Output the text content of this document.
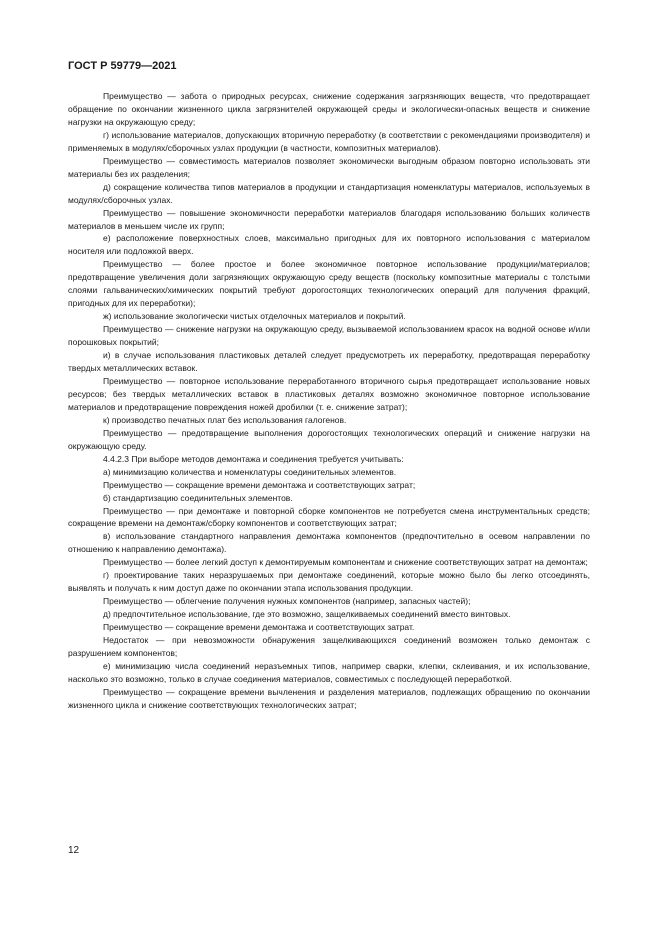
ГОСТ Р 59779—2021

Преимущество — забота о природных ресурсах, снижение содержания загрязняющих веществ, что предотвращает обращение по окончании жизненного цикла загрязнителей окружающей среды и экологически-опасных веществ и снижение нагрузки на окружающую среду;

г) использование материалов, допускающих вторичную переработку (в соответствии с рекомендациями производителя) и применяемых в модулях/сборочных узлах продукции (в частности, композитных материалов).

Преимущество — совместимость материалов позволяет экономически выгодным образом повторно использовать эти материалы без их разделения;

д) сокращение количества типов материалов в продукции и стандартизация номенклатуры материалов, используемых в модулях/сборочных узлах.

Преимущество — повышение экономичности переработки материалов благодаря использованию больших количеств материалов в меньшем числе их групп;

е) расположение поверхностных слоев, максимально пригодных для их повторного использования с материалом носителя или подложкой вверх.

Преимущество — более простое и более экономичное повторное использование продукции/материалов; предотвращение увеличения доли загрязняющих окружающую среду веществ (поскольку композитные материалы с толстыми слоями гальванических/химических покрытий требуют дорогостоящих технологических операций для получения фракций, пригодных для их переработки);

ж) использование экологически чистых отделочных материалов и покрытий.

Преимущество — снижение нагрузки на окружающую среду, вызываемой использованием красок на водной основе и/или порошковых покрытий;

и) в случае использования пластиковых деталей следует предусмотреть их переработку, предотвращая переработку твердых металлических вставок.

Преимущество — повторное использование переработанного вторичного сырья предотвращает использование новых ресурсов; без твердых металлических вставок в пластиковых деталях возможно экономичное повторное использование материалов и предотвращение повреждения ножей дробилки (т. е. снижение затрат);

к) производство печатных плат без использования галогенов.

Преимущество — предотвращение выполнения дорогостоящих технологических операций и снижение нагрузки на окружающую среду.

4.4.2.3 При выборе методов демонтажа и соединения требуется учитывать:

а) минимизацию количества и номенклатуры соединительных элементов.

Преимущество — сокращение времени демонтажа и соответствующих затрат;

б) стандартизацию соединительных элементов.

Преимущество — при демонтаже и повторной сборке компонентов не потребуется смена инструментальных средств; сокращение времени на демонтаж/сборку компонентов и соответствующих затрат;

в) использование стандартного направления демонтажа компонентов (предпочтительно в осевом направлении по отношению к направлению демонтажа).

Преимущество — более легкий доступ к демонтируемым компонентам и снижение соответствующих затрат на демонтаж;

г) проектирование таких неразрушаемых при демонтаже соединений, которые можно было бы легко отсоединять, выявлять и получать к ним доступ даже по окончании этапа использования продукции.

Преимущество — облегчение получения нужных компонентов (например, запасных частей);

д) предпочтительное использование, где это возможно, защелкиваемых соединений вместо винтовых.

Преимущество — сокращение времени демонтажа и соответствующих затрат.

Недостаток — при невозможности обнаружения защелкивающихся соединений возможен только демонтаж с разрушением компонентов;

е) минимизацию числа соединений неразъемных типов, например сварки, клепки, склеивания, и их использование, насколько это возможно, только в случае соединения материалов, совместимых с последующей переработкой.

Преимущество — сокращение времени вычленения и разделения материалов, подлежащих обращению по окончании жизненного цикла и снижение соответствующих технологических затрат;

12
